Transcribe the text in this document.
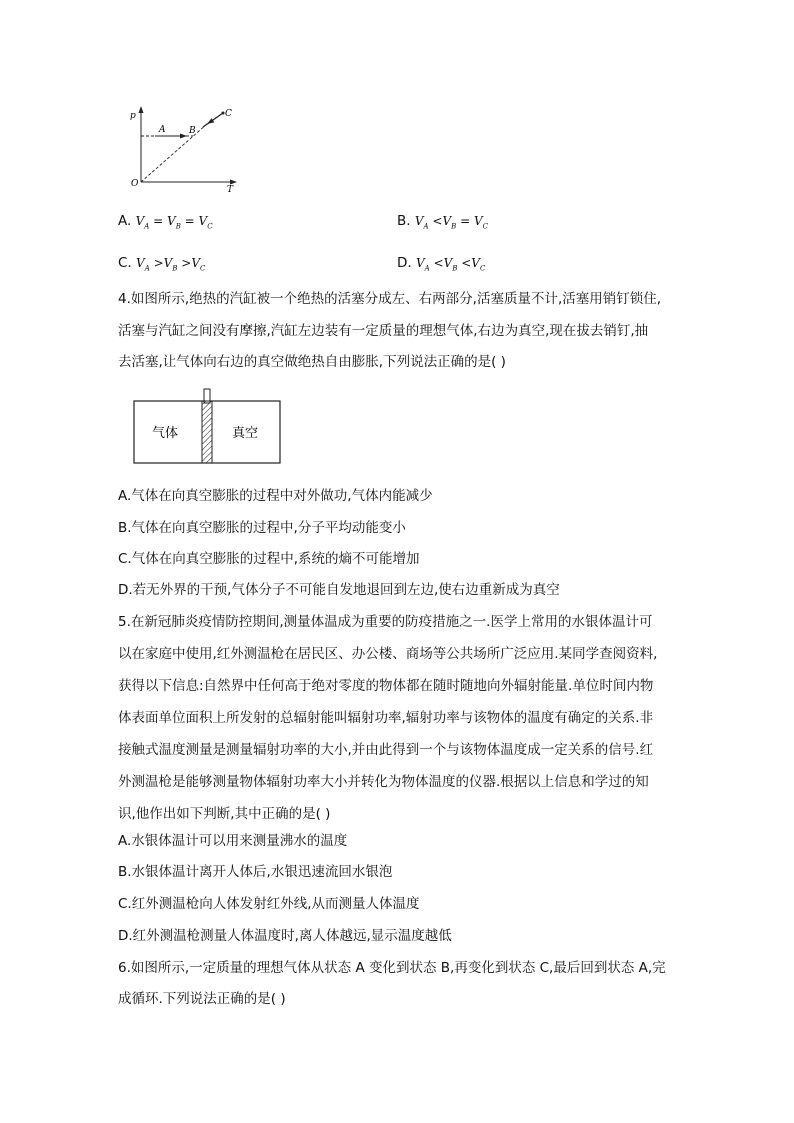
p
T
O
A	B
C
A. $V_A = V_B = V_C$	B. $V_A <V_B = V_C$
C. $V_A >V_B >V_C$	D. $V_A <V_B <V_C$
4.如图所示,绝热的汽缸被一个绝热的活塞分成左、右两部分,活塞质量不计,活塞用销钉锁住,
活塞与汽缸之间没有摩擦,汽缸左边装有一定质量的理想气体,右边为真空,现在拔去销钉,抽
去活塞,让气体向右边的真空做绝热自由膨胀,下列说法正确的是( )
气体	真空
A.气体在向真空膨胀的过程中对外做功,气体内能减少
B.气体在向真空膨胀的过程中,分子平均动能变小
C.气体在向真空膨胀的过程中,系统的熵不可能增加
D.若无外界的干预,气体分子不可能自发地退回到左边,使右边重新成为真空
5.在新冠肺炎疫情防控期间,测量体温成为重要的防疫措施之一.医学上常用的水银体温计可
以在家庭中使用,红外测温枪在居民区、办公楼、商场等公共场所广泛应用.某同学查阅资料,
获得以下信息:自然界中任何高于绝对零度的物体都在随时随地向外辐射能量.单位时间内物
体表面单位面积上所发射的总辐射能叫辐射功率,辐射功率与该物体的温度有确定的关系.非
接触式温度测量是测量辐射功率的大小,并由此得到一个与该物体温度成一定关系的信号.红
外测温枪是能够测量物体辐射功率大小并转化为物体温度的仪器.根据以上信息和学过的知
识,他作出如下判断,其中正确的是( )
A.水银体温计可以用来测量沸水的温度
B.水银体温计离开人体后,水银迅速流回水银泡
C.红外测温枪向人体发射红外线,从而测量人体温度
D.红外测温枪测量人体温度时,离人体越远,显示温度越低
6.如图所示,一定质量的理想气体从状态 A 变化到状态 B,再变化到状态 C,最后回到状态 A,完
成循环.下列说法正确的是( )
